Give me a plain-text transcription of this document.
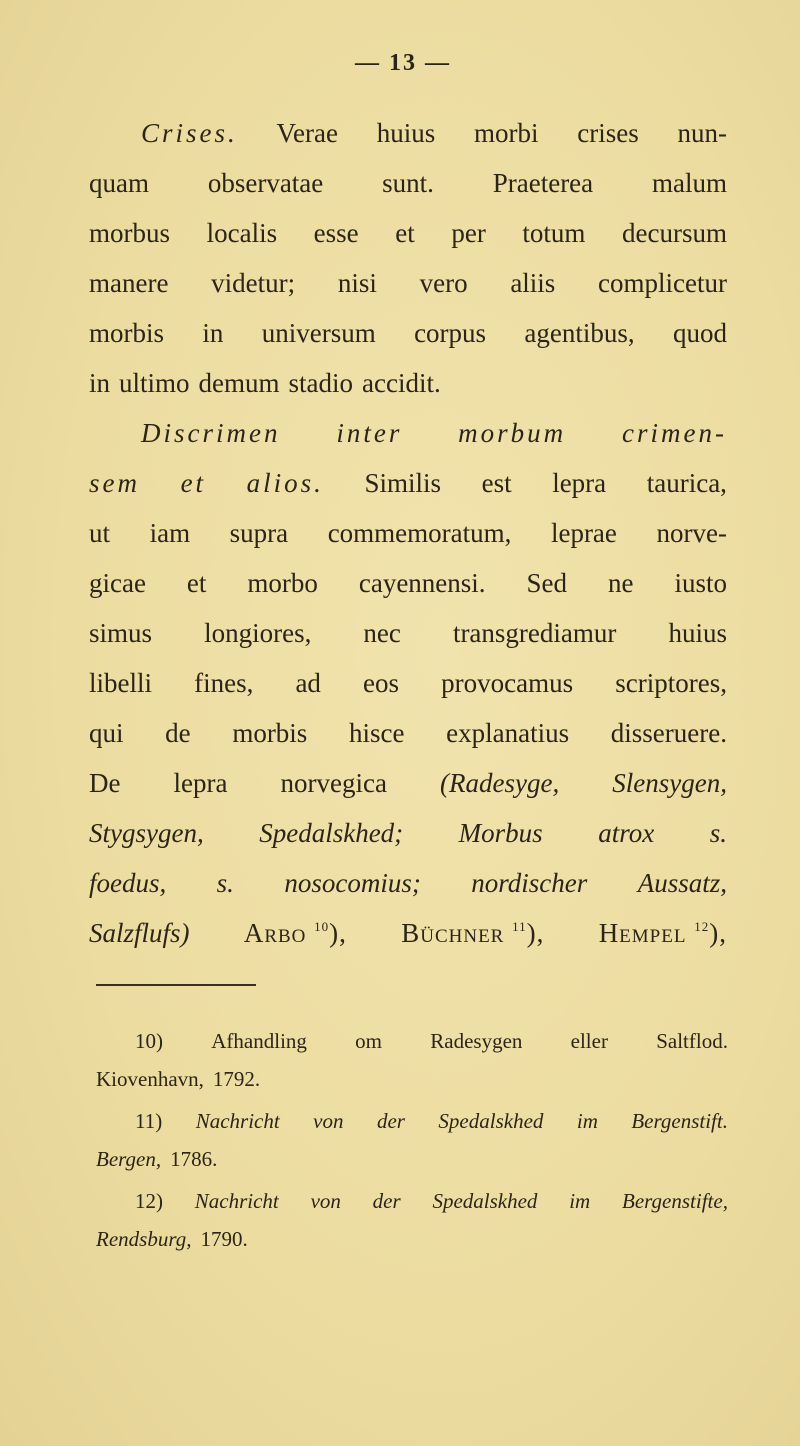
— 13 —
Crises. Verae huius morbi crises nun-
quam observatae sunt. Praeterea malum
morbus localis esse et per totum decursum
manere videtur; nisi vero aliis complicetur
morbis in universum corpus agentibus, quod
in ultimo demum stadio accidit.
Discrimen inter morbum crimen-
sem et alios. Similis est lepra taurica,
ut iam supra commemoratum, leprae norve-
gicae et morbo cayennensi. Sed ne iusto
simus longiores, nec transgrediamur huius
libelli fines, ad eos provocamus scriptores,
qui de morbis hisce explanatius disseruere.
De lepra norvegica (Radesyge, Slensygen,
Stygsygen, Spedalskhed; Morbus atrox s.
foedus, s. nosocomius; nordischer Aussatz,
Salzflufs) Arbo $^{10}$), Büchner $^{11}$), Hempel $^{12}$),
10) Afhandling om Radesygen eller Saltflod.
Kiovenhavn, 1792.
11) Nachricht von der Spedalskhed im Bergenstift.
Bergen, 1786.
12) Nachricht von der Spedalskhed im Bergenstifte,
Rendsburg, 1790.
